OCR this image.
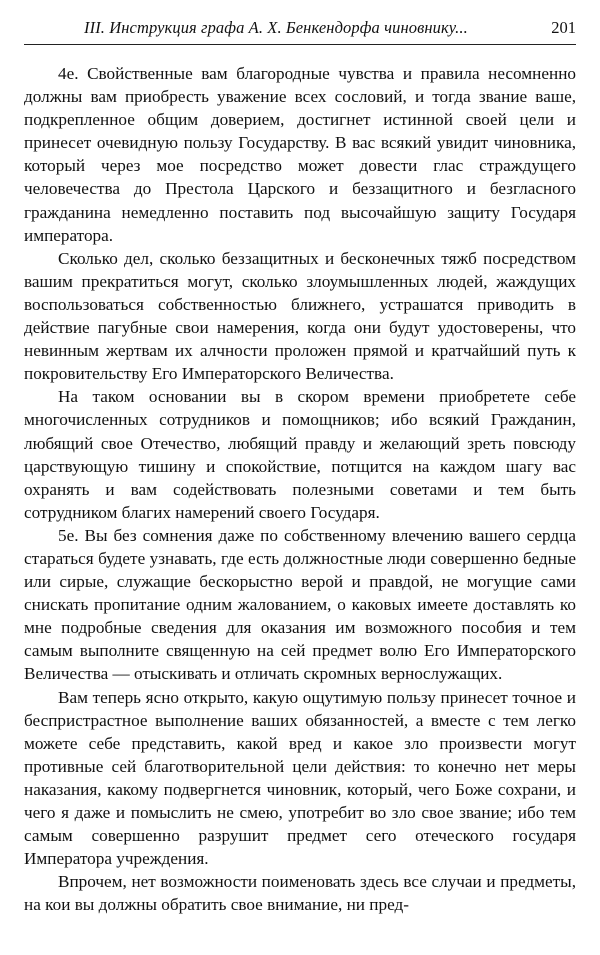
III. Инструкция графа А. Х. Бенкендорфа чиновнику...	201

4е. Свойственные вам благородные чувства и правила несомненно должны вам приобресть уважение всех сословий, и тогда звание ваше, подкрепленное общим доверием, достигнет истинной своей цели и принесет очевидную пользу Государству. В вас всякий увидит чиновника, который через мое посредство может довести глас страждущего человечества до Престола Царского и беззащитного и безгласного гражданина немедленно поставить под высочайшую защиту Государя императора.

Сколько дел, сколько беззащитных и бесконечных тяжб посредством вашим прекратиться могут, сколько злоумышленных людей, жаждущих воспользоваться собственностью ближнего, устрашатся приводить в действие пагубные свои намерения, когда они будут удостоверены, что невинным жертвам их алчности проложен прямой и кратчайший путь к покровительству Его Императорского Величества.

На таком основании вы в скором времени приобретете себе многочисленных сотрудников и помощников; ибо всякий Гражданин, любящий свое Отечество, любящий правду и желающий зреть повсюду царствующую тишину и спокойствие, потщится на каждом шагу вас охранять и вам содействовать полезными советами и тем быть сотрудником благих намерений своего Государя.

5е. Вы без сомнения даже по собственному влечению вашего сердца стараться будете узнавать, где есть должностные люди совершенно бедные или сирые, служащие бескорыстно верой и правдой, не могущие сами снискать пропитание одним жалованием, о каковых имеете доставлять ко мне подробные сведения для оказания им возможного пособия и тем самым выполните священную на сей предмет волю Его Императорского Величества — отыскивать и отличать скромных верноcлужащих.

Вам теперь ясно открыто, какую ощутимую пользу принесет точное и беспристрастное выполнение ваших обязанностей, а вместе с тем легко можете себе представить, какой вред и какое зло произвести могут противные сей благотворительной цели действия: то конечно нет меры наказания, какому подвергнется чиновник, который, чего Боже сохрани, и чего я даже и помыслить не смею, употребит во зло свое звание; ибо тем самым совершенно разрушит предмет сего отеческого государя Императора учреждения.

Впрочем, нет возможности поименовать здесь все случаи и предметы, на кои вы должны обратить свое внимание, ни пред-
